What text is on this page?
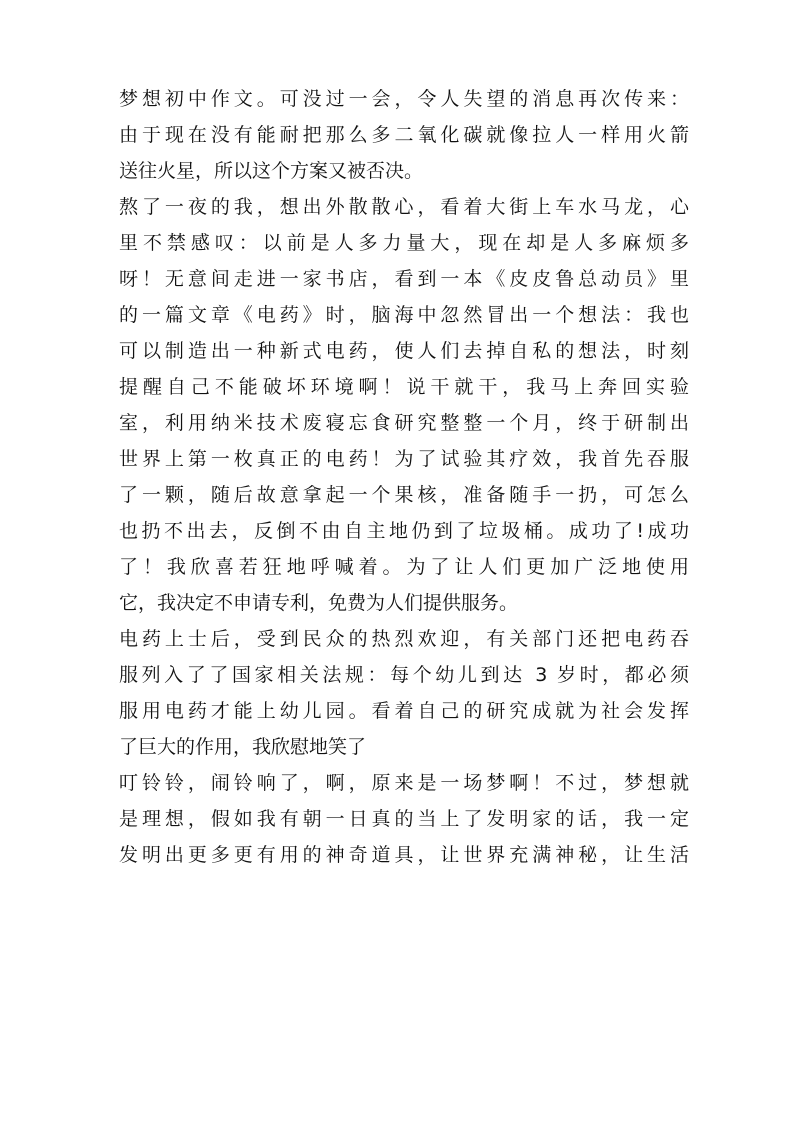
梦想初中作文。可没过一会，令人失望的消息再次传来：
由于现在没有能耐把那么多二氧化碳就像拉人一样用火箭
送往火星，所以这个方案又被否决。
熬了一夜的我，想出外散散心，看着大街上车水马龙，心
里不禁感叹：以前是人多力量大，现在却是人多麻烦多
呀！无意间走进一家书店，看到一本《皮皮鲁总动员》里
的一篇文章《电药》时，脑海中忽然冒出一个想法：我也
可以制造出一种新式电药，使人们去掉自私的想法，时刻
提醒自己不能破坏环境啊！说干就干，我马上奔回实验
室，利用纳米技术废寝忘食研究整整一个月，终于研制出
世界上第一枚真正的电药！为了试验其疗效，我首先吞服
了一颗，随后故意拿起一个果核，准备随手一扔，可怎么
也扔不出去，反倒不由自主地仍到了垃圾桶。成功了!成功
了！我欣喜若狂地呼喊着。为了让人们更加广泛地使用
它，我决定不申请专利，免费为人们提供服务。
电药上士后，受到民众的热烈欢迎，有关部门还把电药吞
服列入了了国家相关法规：每个幼儿到达 3 岁时，都必须
服用电药才能上幼儿园。看着自己的研究成就为社会发挥
了巨大的作用，我欣慰地笑了
叮铃铃，闹铃响了，啊，原来是一场梦啊！不过，梦想就
是理想，假如我有朝一日真的当上了发明家的话，我一定
发明出更多更有用的神奇道具，让世界充满神秘，让生活
